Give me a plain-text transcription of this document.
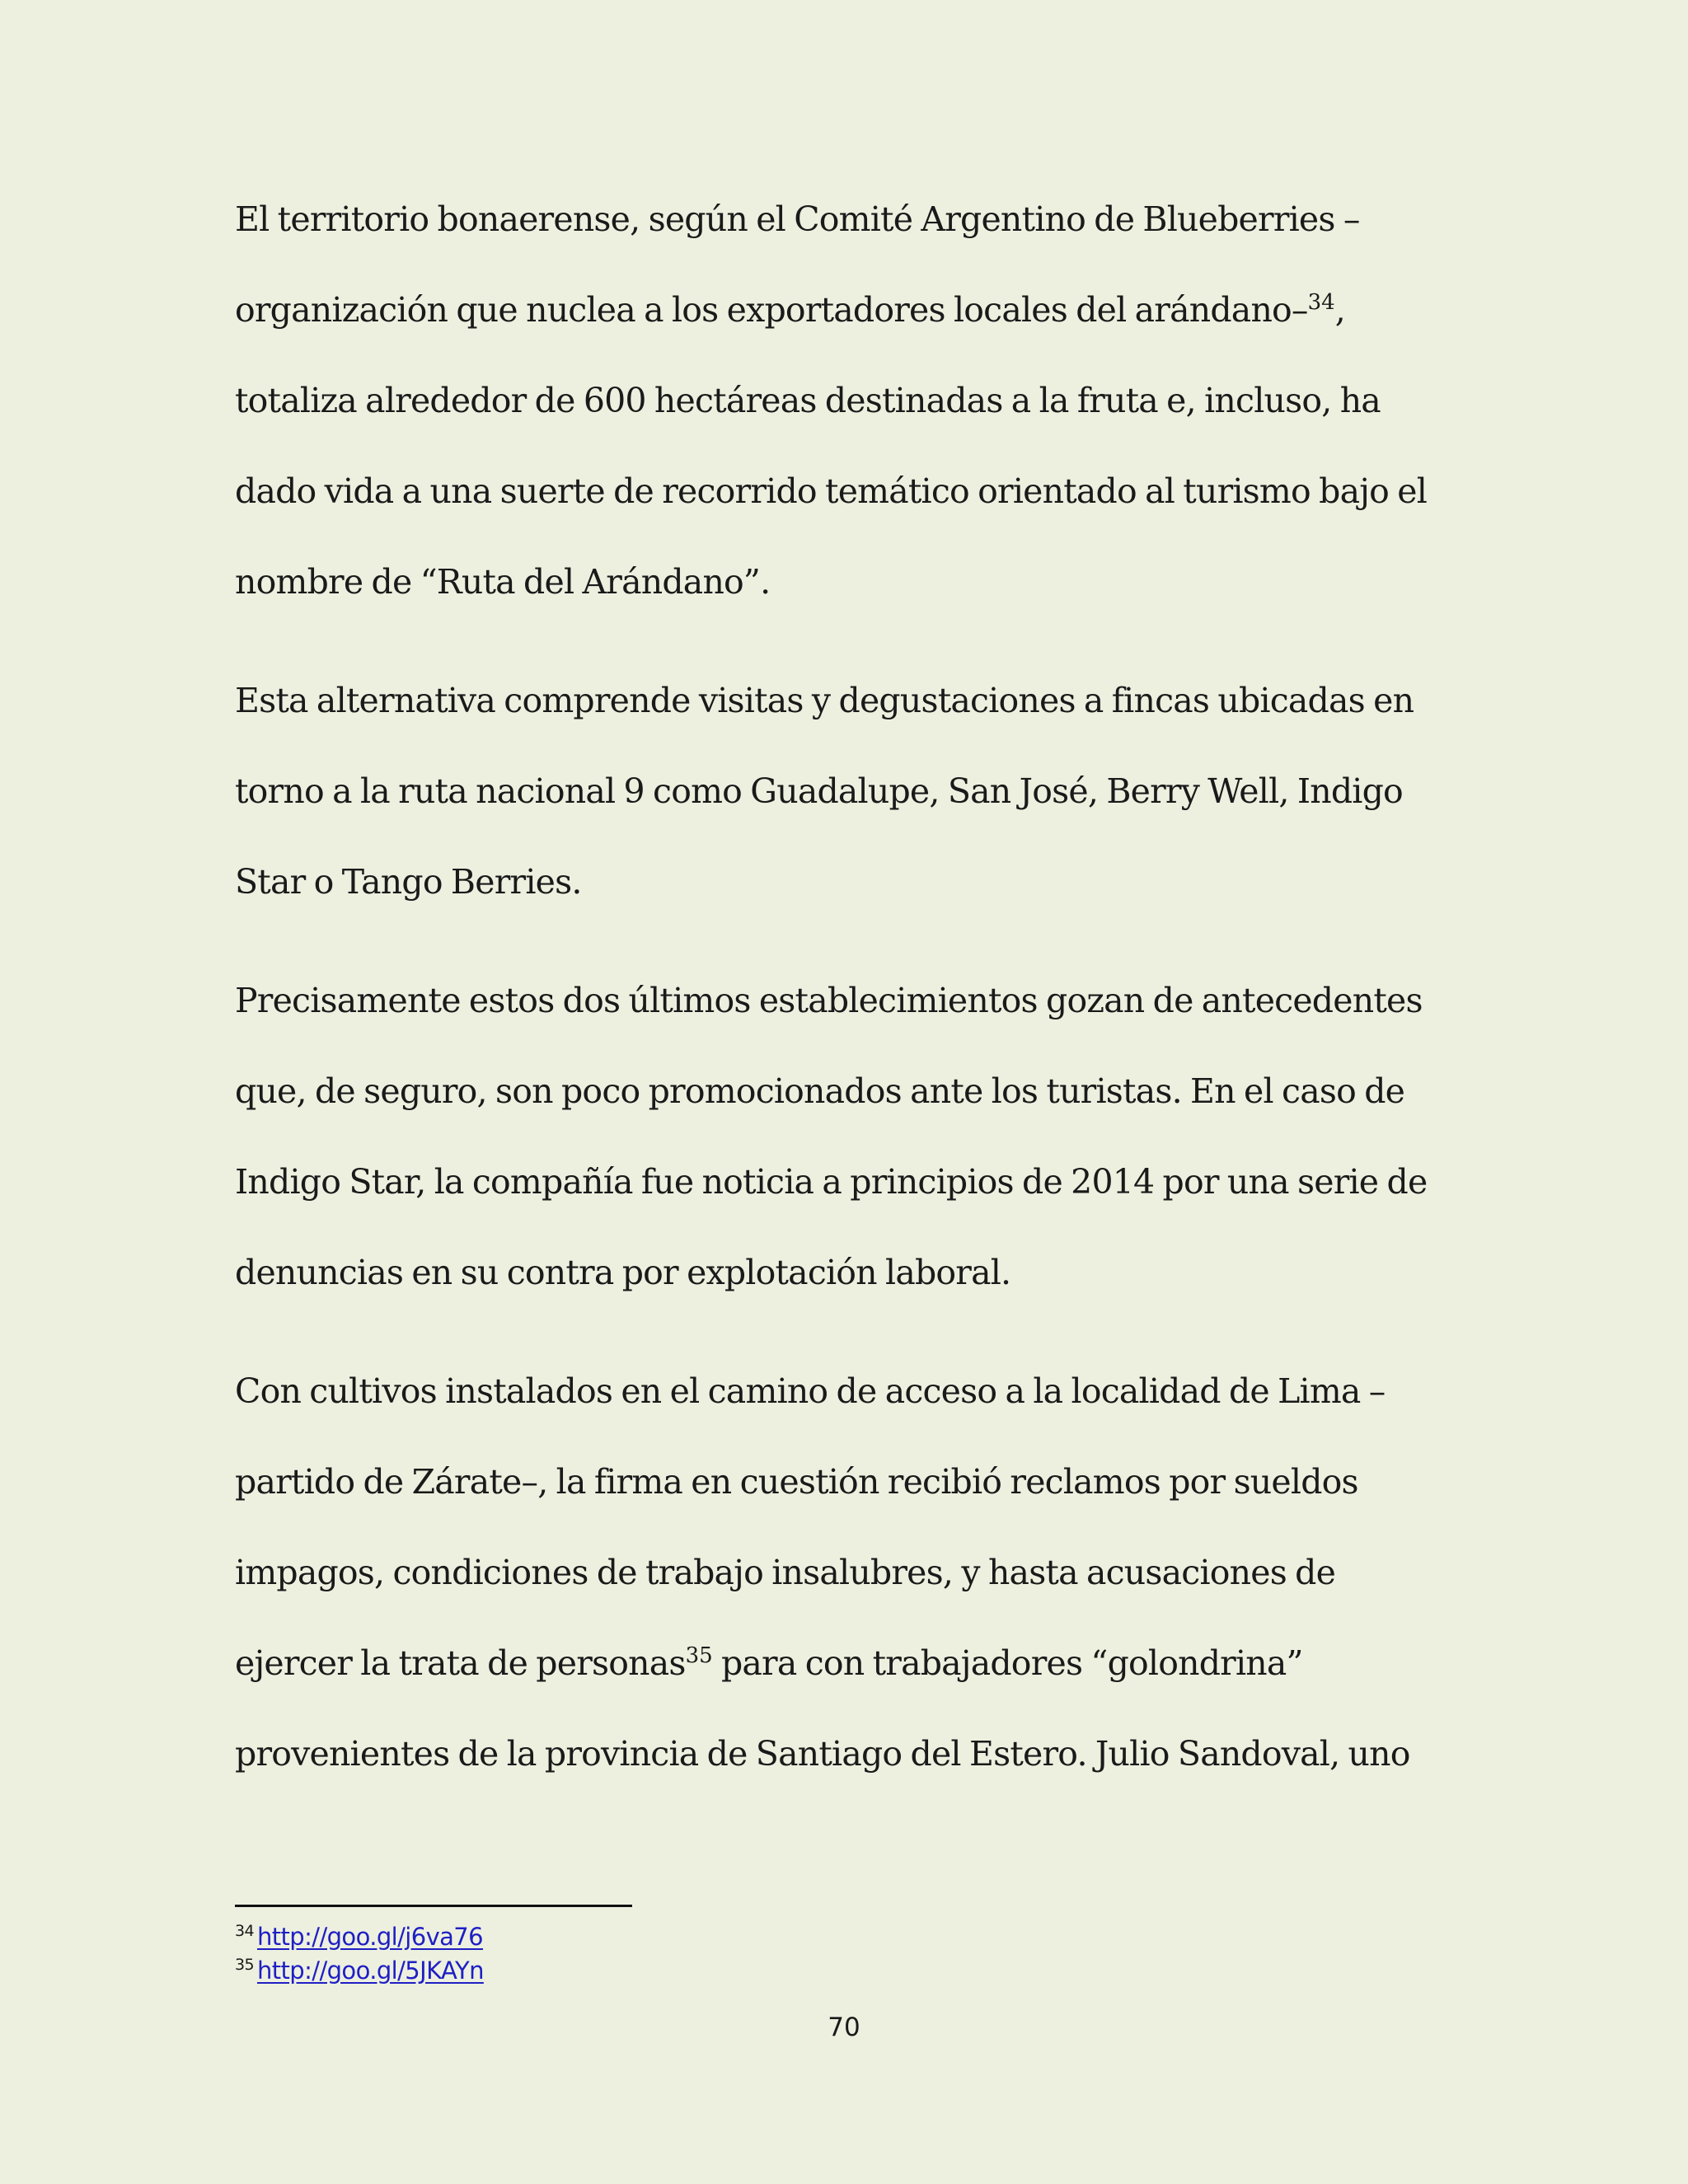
El territorio bonaerense, según el Comité Argentino de Blueberries –
organización que nuclea a los exportadores locales del arándano–$^{34}$,
totaliza alrededor de 600 hectáreas destinadas a la fruta e, incluso, ha
dado vida a una suerte de recorrido temático orientado al turismo bajo el
nombre de “Ruta del Arándano”.

Esta alternativa comprende visitas y degustaciones a fincas ubicadas en
torno a la ruta nacional 9 como Guadalupe, San José, Berry Well, Indigo
Star o Tango Berries.

Precisamente estos dos últimos establecimientos gozan de antecedentes
que, de seguro, son poco promocionados ante los turistas. En el caso de
Indigo Star, la compañía fue noticia a principios de 2014 por una serie de
denuncias en su contra por explotación laboral.

Con cultivos instalados en el camino de acceso a la localidad de Lima –
partido de Zárate–, la firma en cuestión recibió reclamos por sueldos
impagos, condiciones de trabajo insalubres, y hasta acusaciones de
ejercer la trata de personas$^{35}$ para con trabajadores “golondrina”
provenientes de la provincia de Santiago del Estero. Julio Sandoval, uno

$^{34}$ http://goo.gl/j6va76
$^{35}$ http://goo.gl/5JKAYn
70
